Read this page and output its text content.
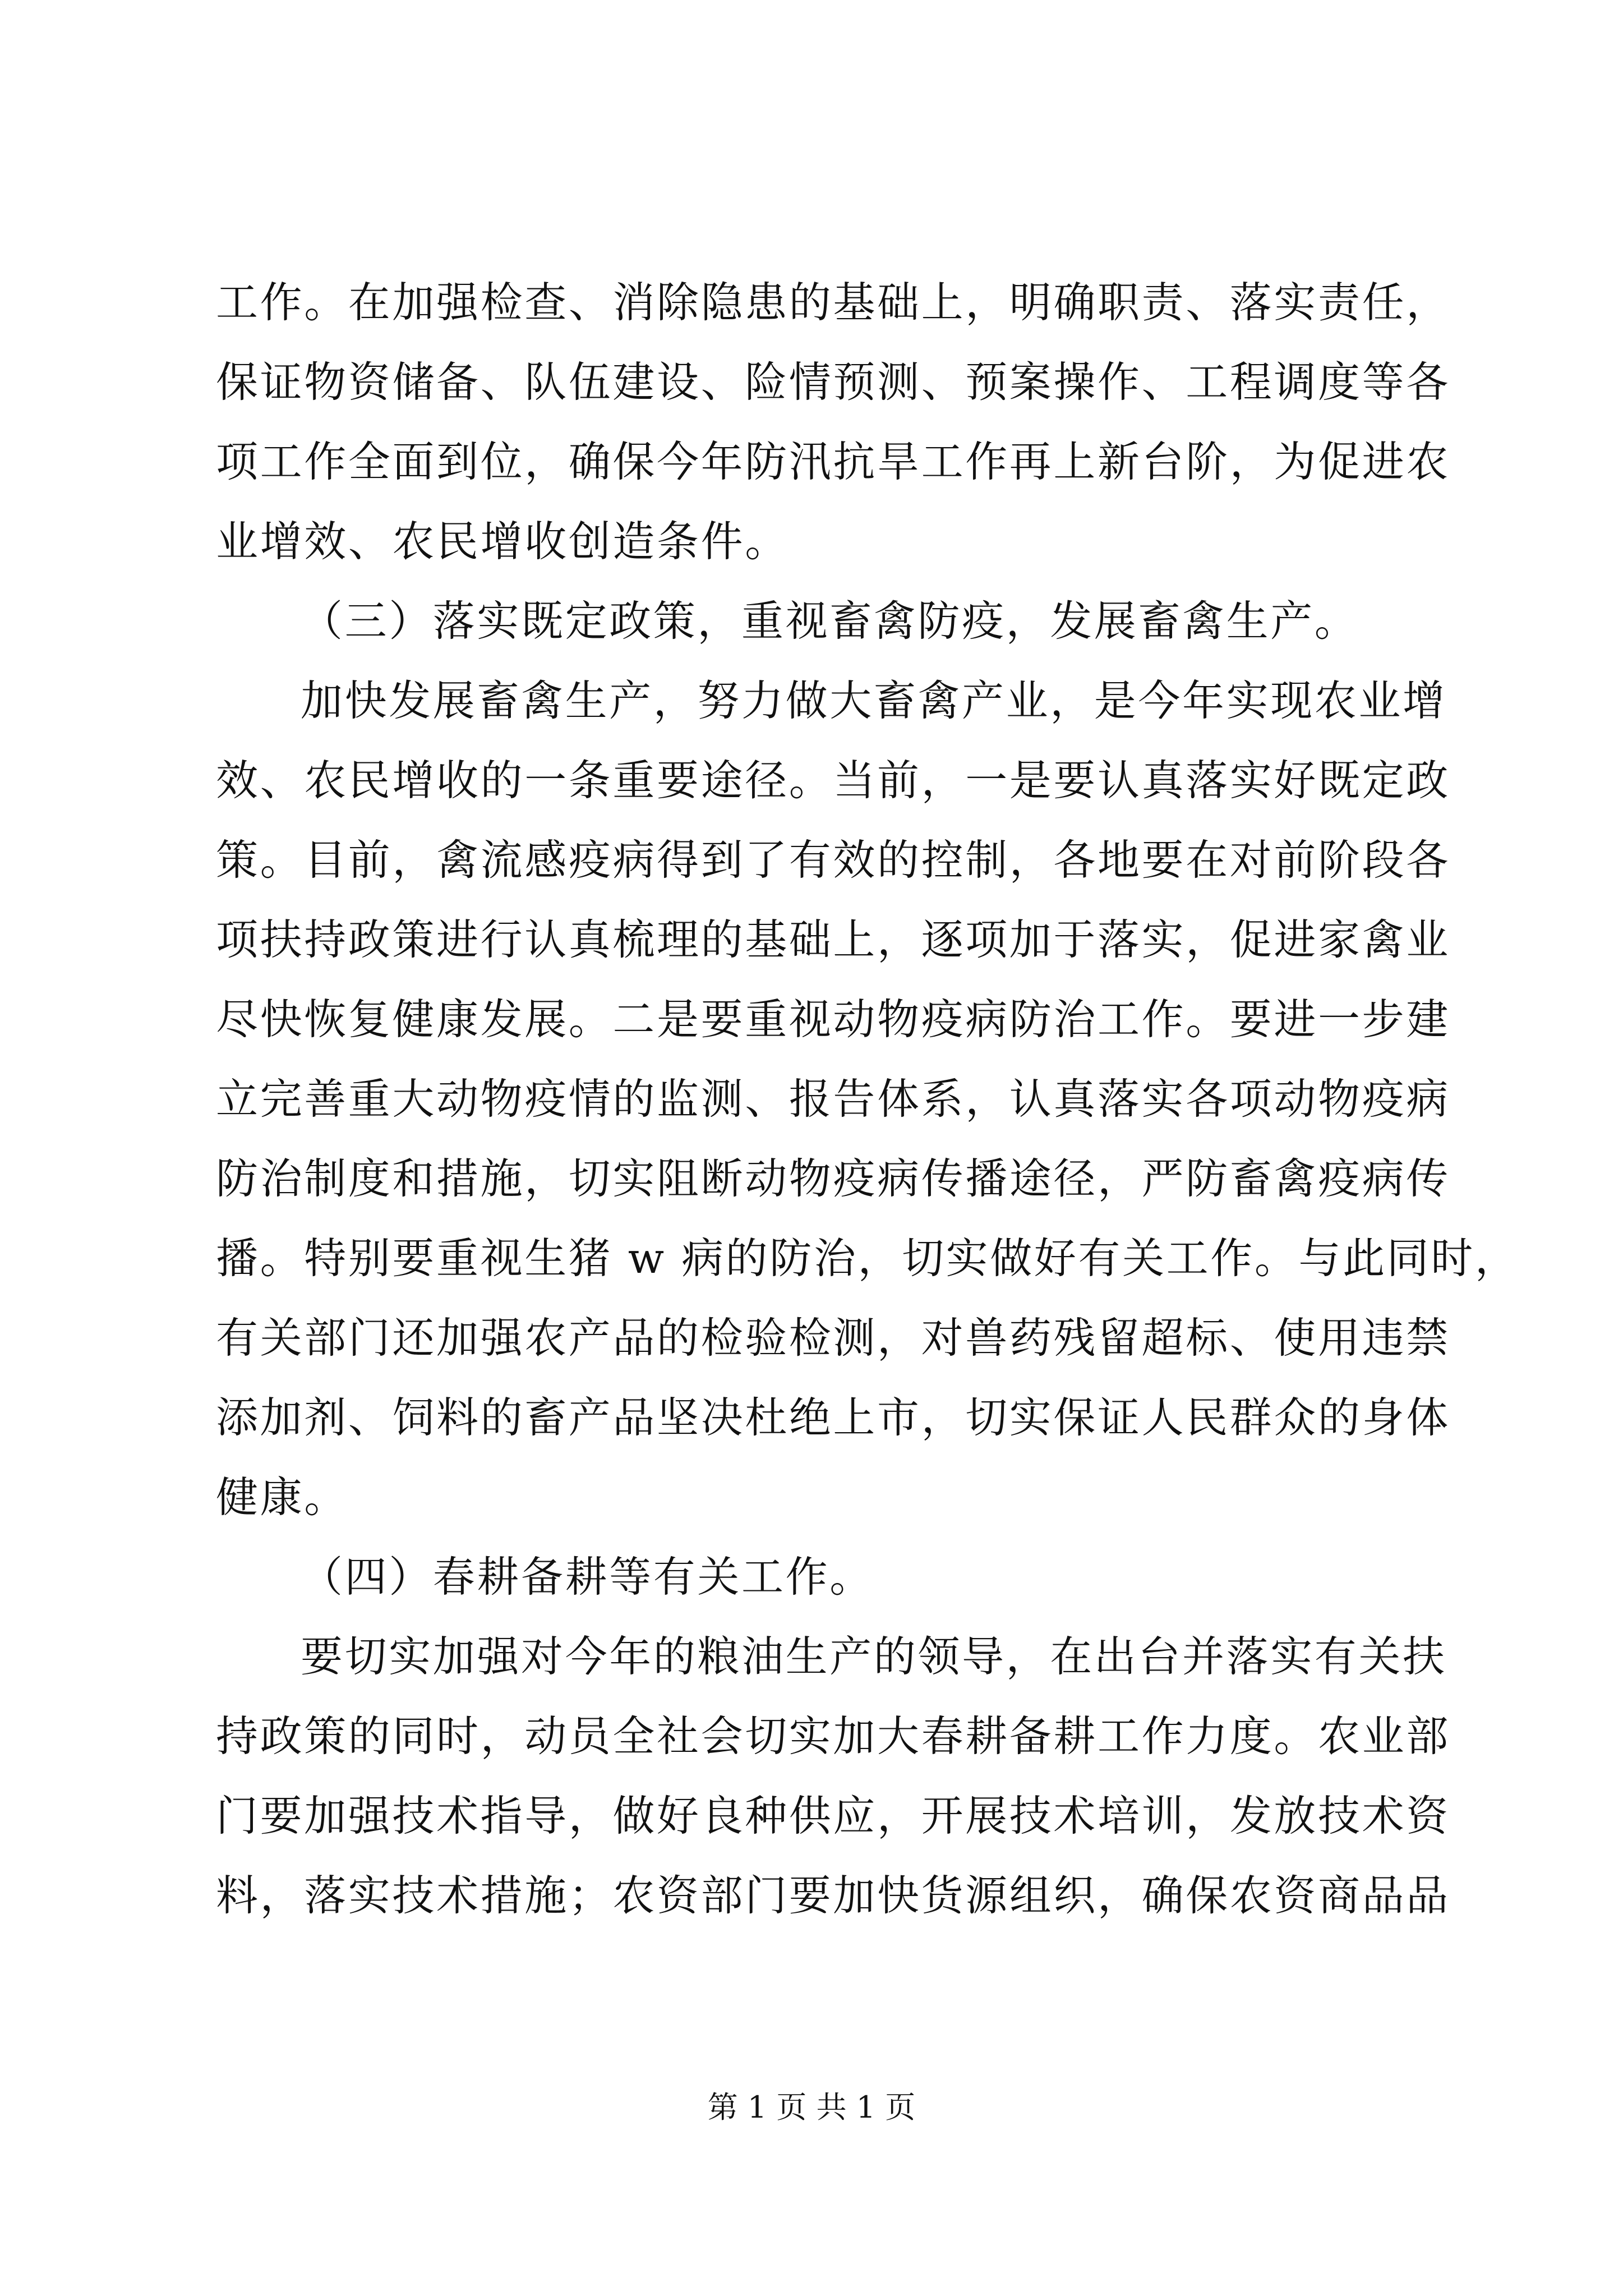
工作。在加强检查、消除隐患的基础上，明确职责、落实责任，
保证物资储备、队伍建设、险情预测、预案操作、工程调度等各
项工作全面到位，确保今年防汛抗旱工作再上新台阶，为促进农
业增效、农民增收创造条件。
（三）落实既定政策，重视畜禽防疫，发展畜禽生产。
加快发展畜禽生产，努力做大畜禽产业，是今年实现农业增
效、农民增收的一条重要途径。当前，一是要认真落实好既定政
策。目前，禽流感疫病得到了有效的控制，各地要在对前阶段各
项扶持政策进行认真梳理的基础上，逐项加于落实，促进家禽业
尽快恢复健康发展。二是要重视动物疫病防治工作。要进一步建
立完善重大动物疫情的监测、报告体系，认真落实各项动物疫病
防治制度和措施，切实阻断动物疫病传播途径，严防畜禽疫病传
播。特别要重视生猪 w 病的防治，切实做好有关工作。与此同时，
有关部门还加强农产品的检验检测，对兽药残留超标、使用违禁
添加剂、饲料的畜产品坚决杜绝上市，切实保证人民群众的身体
健康。
（四）春耕备耕等有关工作。
要切实加强对今年的粮油生产的领导，在出台并落实有关扶
持政策的同时，动员全社会切实加大春耕备耕工作力度。农业部
门要加强技术指导，做好良种供应，开展技术培训，发放技术资
料，落实技术措施；农资部门要加快货源组织，确保农资商品品
第 1 页 共 1 页
